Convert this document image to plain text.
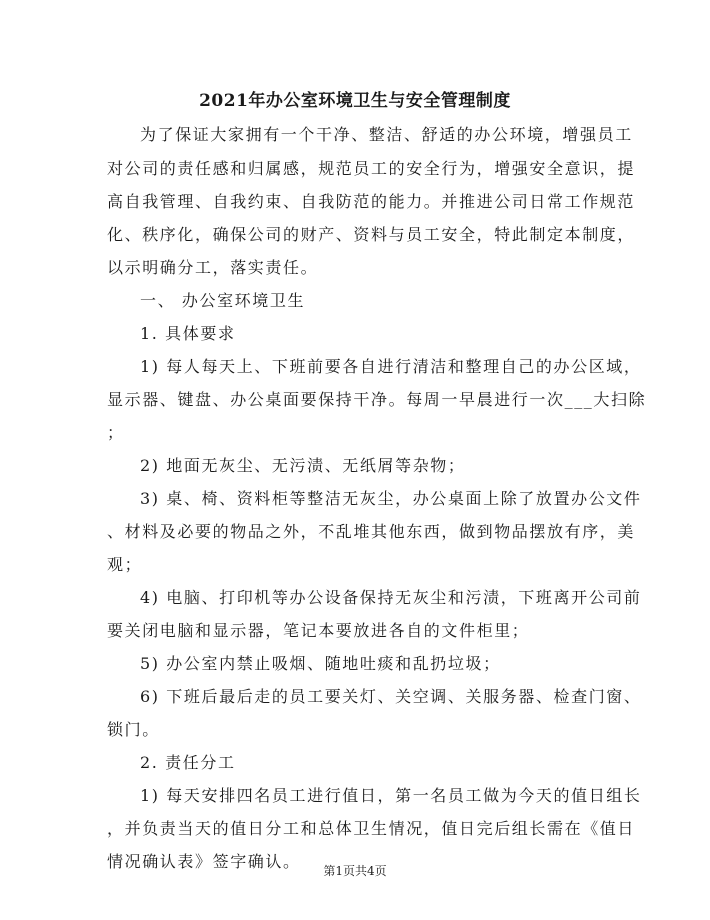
2021年办公室环境卫生与安全管理制度
为了保证大家拥有一个干净、整洁、舒适的办公环境，增强员工
对公司的责任感和归属感，规范员工的安全行为，增强安全意识，提
高自我管理、自我约束、自我防范的能力。并推进公司日常工作规范
化、秩序化，确保公司的财产、资料与员工安全，特此制定本制度，
以示明确分工，落实责任。
一、 办公室环境卫生
1. 具体要求
1) 每人每天上、下班前要各自进行清洁和整理自己的办公区域，
显示器、键盘、办公桌面要保持干净。每周一早晨进行一次___大扫除
；
2) 地面无灰尘、无污渍、无纸屑等杂物；
3) 桌、椅、资料柜等整洁无灰尘，办公桌面上除了放置办公文件
、材料及必要的物品之外，不乱堆其他东西，做到物品摆放有序，美
观；
4) 电脑、打印机等办公设备保持无灰尘和污渍，下班离开公司前
要关闭电脑和显示器，笔记本要放进各自的文件柜里；
5) 办公室内禁止吸烟、随地吐痰和乱扔垃圾；
6) 下班后最后走的员工要关灯、关空调、关服务器、检查门窗、
锁门。
2. 责任分工
1) 每天安排四名员工进行值日，第一名员工做为今天的值日组长
，并负责当天的值日分工和总体卫生情况，值日完后组长需在《值日
情况确认表》签字确认。	第1页共4页
